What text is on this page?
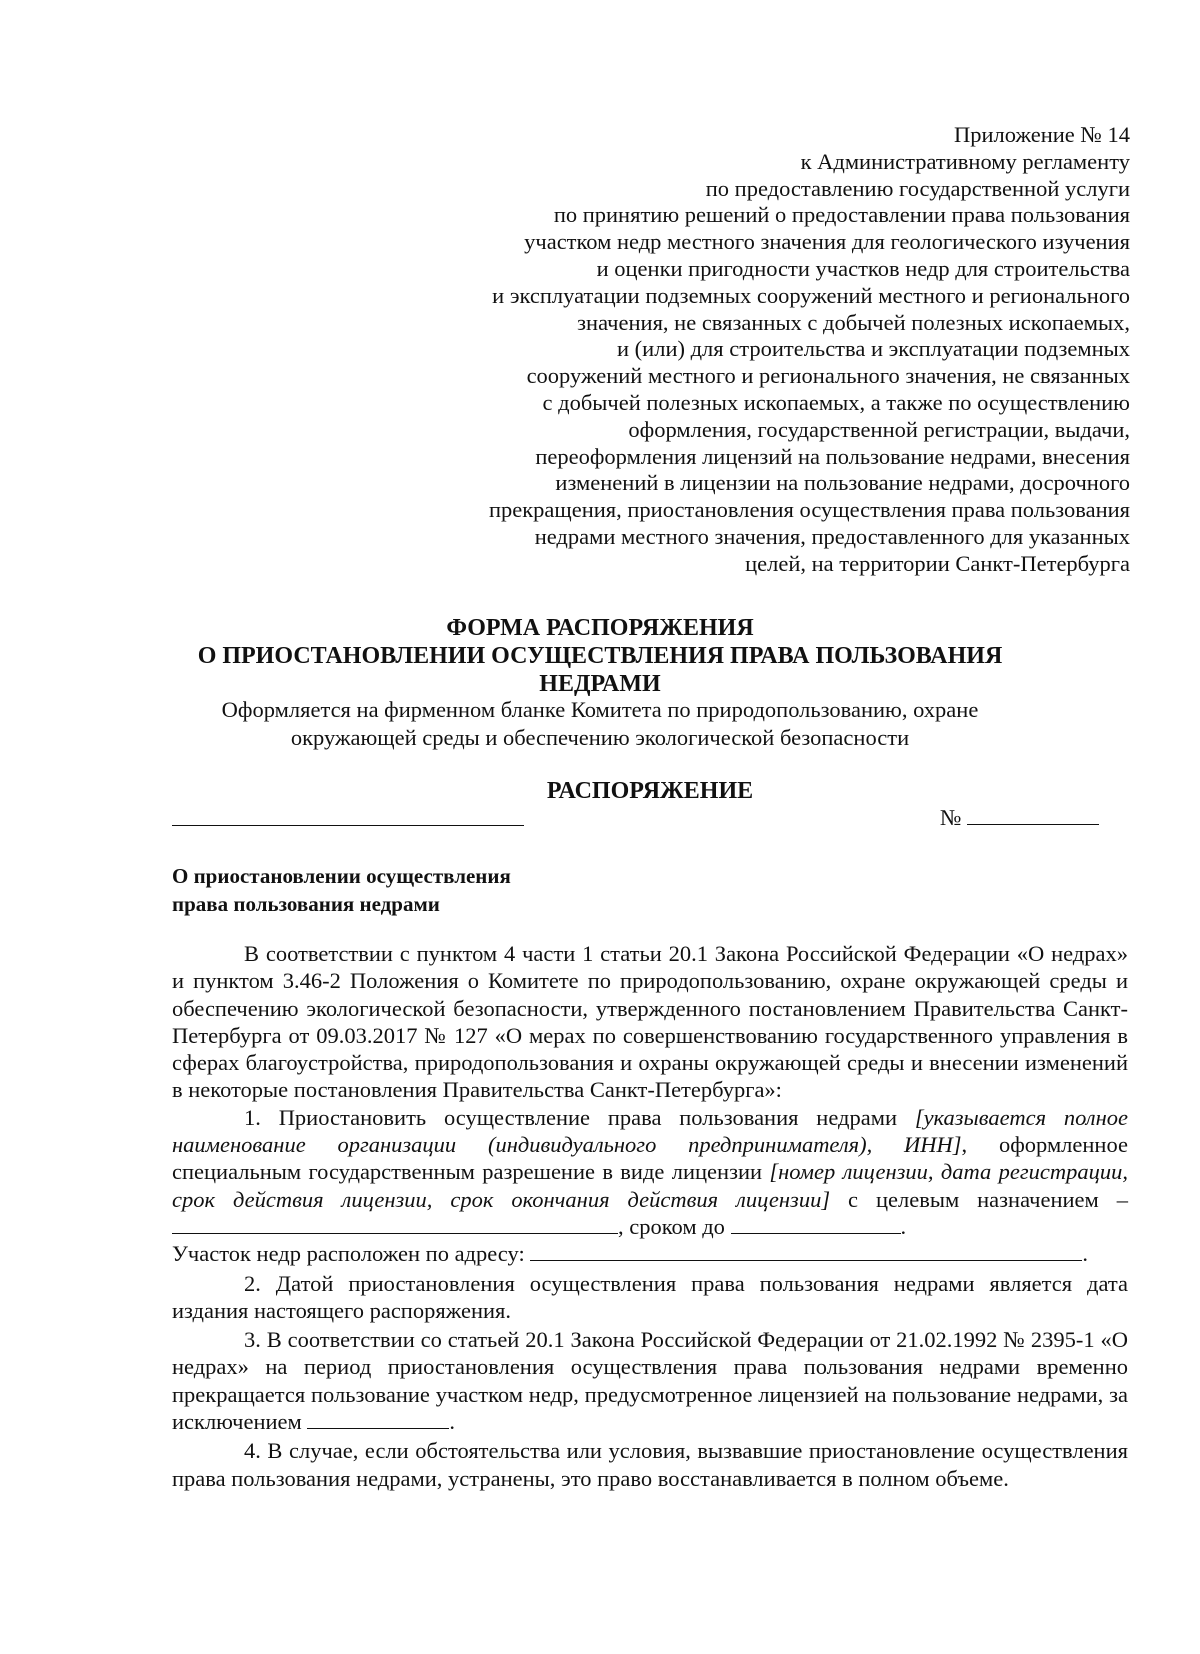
Приложение № 14
к Административному регламенту
по предоставлению государственной услуги
по принятию решений о предоставлении права пользования
участком недр местного значения для геологического изучения
и оценки пригодности участков недр для строительства
и эксплуатации подземных сооружений местного и регионального
значения, не связанных с добычей полезных ископаемых,
и (или) для строительства и эксплуатации подземных
сооружений местного и регионального значения, не связанных
с добычей полезных ископаемых, а также по осуществлению
оформления, государственной регистрации, выдачи,
переоформления лицензий на пользование недрами, внесения
изменений в лицензии на пользование недрами, досрочного
прекращения, приостановления осуществления права пользования
недрами местного значения, предоставленного для указанных
целей, на территории Санкт-Петербурга
ФОРМА РАСПОРЯЖЕНИЯ
О ПРИОСТАНОВЛЕНИИ ОСУЩЕСТВЛЕНИЯ ПРАВА ПОЛЬЗОВАНИЯ
НЕДРАМИ
Оформляется на фирменном бланке Комитета по природопользованию, охране
окружающей среды и обеспечению экологической безопасности
РАСПОРЯЖЕНИЕ
№
О приостановлении осуществления
права пользования недрами

В соответствии с пунктом 4 части 1 статьи 20.1 Закона Российской Федерации «О недрах» и пунктом 3.46-2 Положения о Комитете по природопользованию, охране окружающей среды и обеспечению экологической безопасности, утвержденного постановлением Правительства Санкт-Петербурга от 09.03.2017 № 127 «О мерах по совершенствованию государственного управления в сферах благоустройства, природопользования и охраны окружающей среды и внесении изменений в некоторые постановления Правительства Санкт-Петербурга»:

1. Приостановить осуществление права пользования недрами [указывается полное наименование организации (индивидуального предпринимателя), ИНН], оформленное специальным государственным разрешение в виде лицензии [номер лицензии, дата регистрации, срок действия лицензии, срок окончания действия лицензии] с целевым назначением – , сроком до	.

Участок недр расположен по адресу:	.

2. Датой приостановления осуществления права пользования недрами является дата издания настоящего распоряжения.

3. В соответствии со статьей 20.1 Закона Российской Федерации от 21.02.1992 № 2395-1 «О недрах» на период приостановления осуществления права пользования недрами временно прекращается пользование участком недр, предусмотренное лицензией на пользование недрами, за исключением	.

4. В случае, если обстоятельства или условия, вызвавшие приостановление осуществления права пользования недрами, устранены, это право восстанавливается в полном объеме.
